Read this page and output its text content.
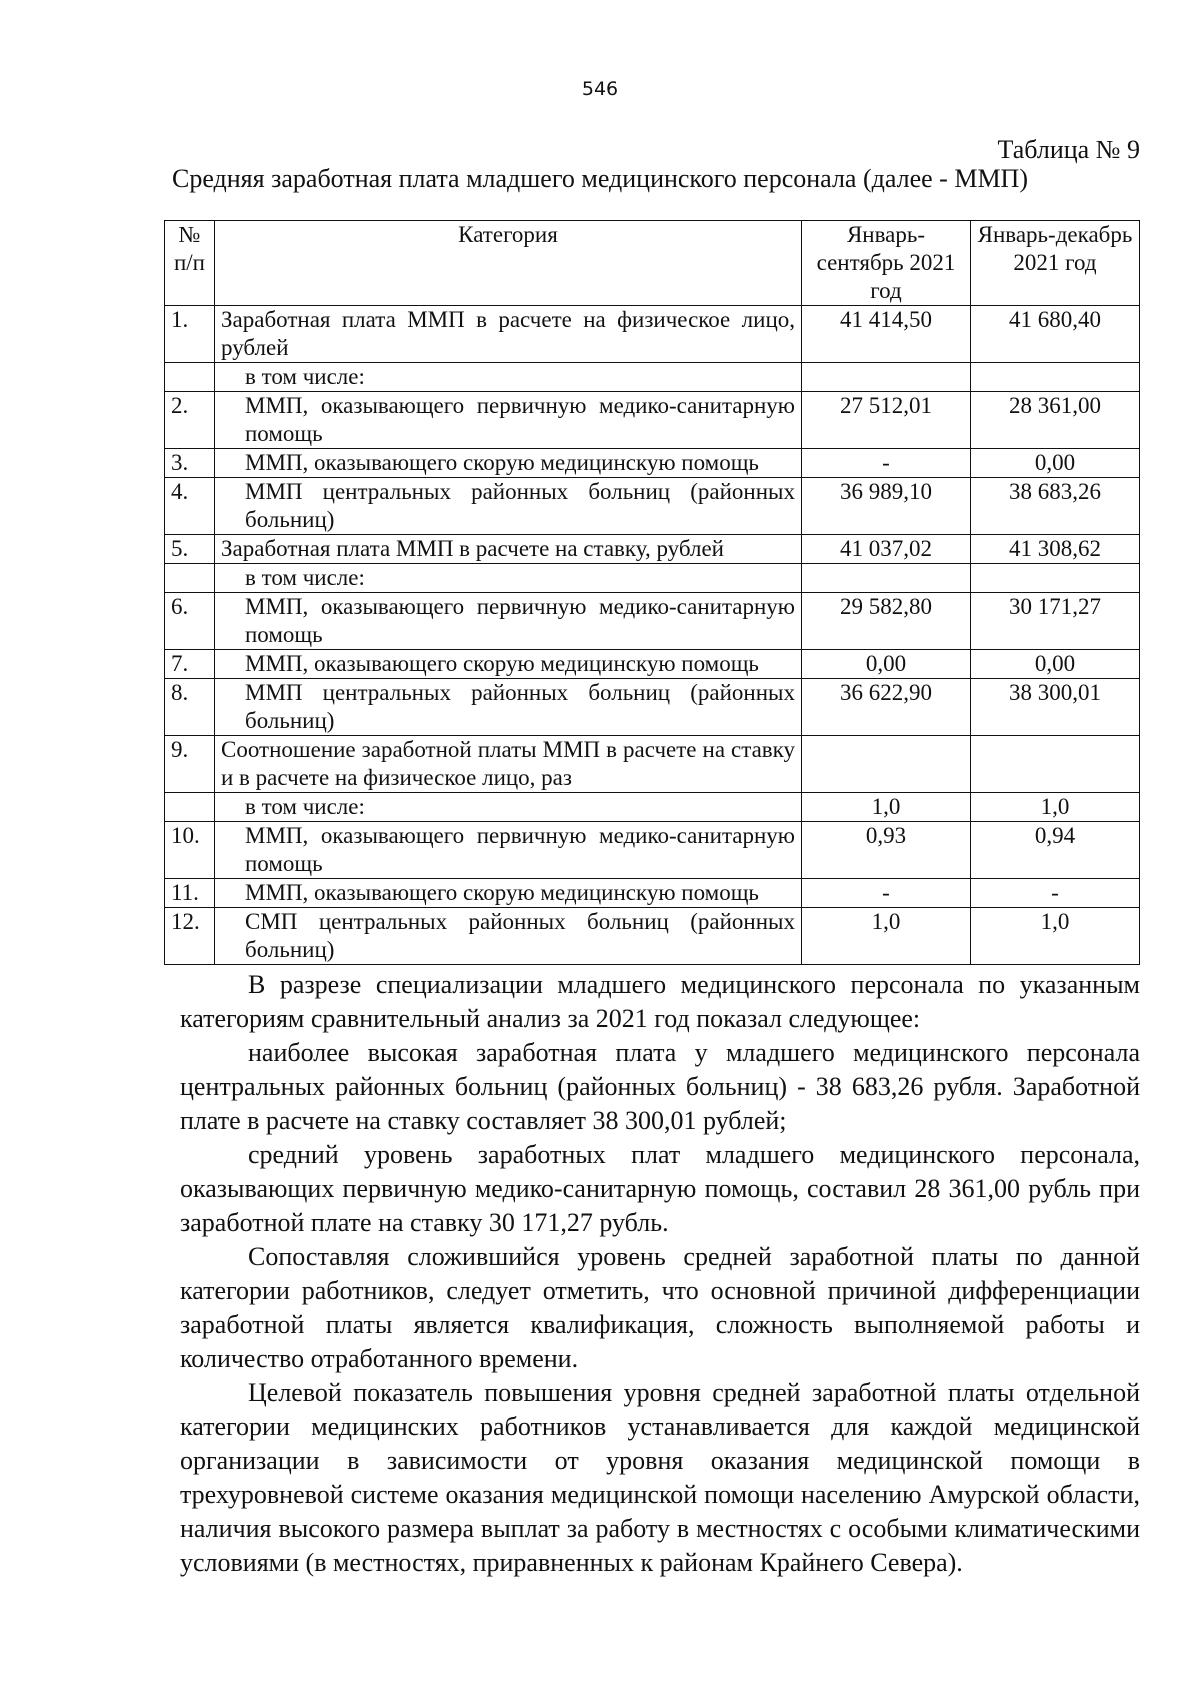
546
Таблица № 9
Средняя заработная плата младшего медицинского персонала (далее - ММП)
№ п/п	Категория	Январь-сентябрь 2021 год	Январь-декабрь 2021 год
1.	Заработная плата ММП в расчете на физическое лицо, рублей	41 414,50	41 680,40
	в том числе:		
2.	ММП, оказывающего первичную медико-санитарную помощь	27 512,01	28 361,00
3.	ММП, оказывающего скорую медицинскую помощь	-	0,00
4.	ММП центральных районных больниц (районных больниц)	36 989,10	38 683,26
5.	Заработная плата ММП в расчете на ставку, рублей	41 037,02	41 308,62
	в том числе:		
6.	ММП, оказывающего первичную медико-санитарную помощь	29 582,80	30 171,27
7.	ММП, оказывающего скорую медицинскую помощь	0,00	0,00
8.	ММП центральных районных больниц (районных больниц)	36 622,90	38 300,01
9.	Соотношение заработной платы ММП в расчете на ставку и в расчете на физическое лицо, раз		
	в том числе:	1,0	1,0
10.	ММП, оказывающего первичную медико-санитарную помощь	0,93	0,94
11.	ММП, оказывающего скорую медицинскую помощь	-	-
12.	СМП центральных районных больниц (районных больниц)	1,0	1,0

В разрезе специализации младшего медицинского персонала по указанным категориям сравнительный анализ за 2021 год показал следующее:

наиболее высокая заработная плата у младшего медицинского персонала центральных районных больниц (районных больниц) - 38 683,26 рубля. Заработной плате в расчете на ставку составляет 38 300,01 рублей;

средний уровень заработных плат младшего медицинского персонала, оказывающих первичную медико-санитарную помощь, составил 28 361,00 рубль при заработной плате на ставку 30 171,27 рубль.

Сопоставляя сложившийся уровень средней заработной платы по данной категории работников, следует отметить, что основной причиной дифференциации заработной платы является квалификация, сложность выполняемой работы и количество отработанного времени.

Целевой показатель повышения уровня средней заработной платы отдельной категории медицинских работников устанавливается для каждой медицинской организации в зависимости от уровня оказания медицинской помощи в трехуровневой системе оказания медицинской помощи населению Амурской области, наличия высокого размера выплат за работу в местностях с особыми климатическими условиями (в местностях, приравненных к районам Крайнего Севера).
